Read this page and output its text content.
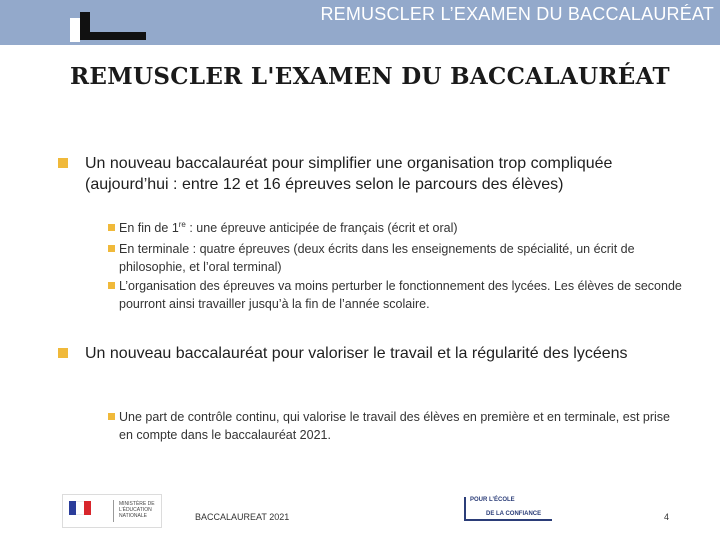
REMUSCLER L’EXAMEN DU BACCALAURÉAT
REMUSCLER L'EXAMEN DU BACCALAURÉAT
Un nouveau baccalauréat pour simplifier une organisation trop compliquée (aujourd’hui : entre 12 et 16 épreuves selon le parcours des élèves)
En fin de 1re : une épreuve anticipée de français (écrit et oral)
En terminale : quatre épreuves (deux écrits dans les enseignements de spécialité, un écrit de philosophie, et l’oral terminal)
L’organisation des épreuves va moins perturber le fonctionnement des lycées. Les élèves de seconde pourront ainsi travailler jusqu’à la fin de l’année scolaire.
Un nouveau baccalauréat pour valoriser le travail et la régularité des lycéens
Une part de contrôle continu, qui valorise le travail des élèves en première et en terminale, est prise en compte dans le baccalauréat 2021.
MINISTÈRE DE L’ÉDUCATION NATIONALE	BACCALAUREAT 2021
POUR L’ÉCOLE
DE LA CONFIANCE	4
